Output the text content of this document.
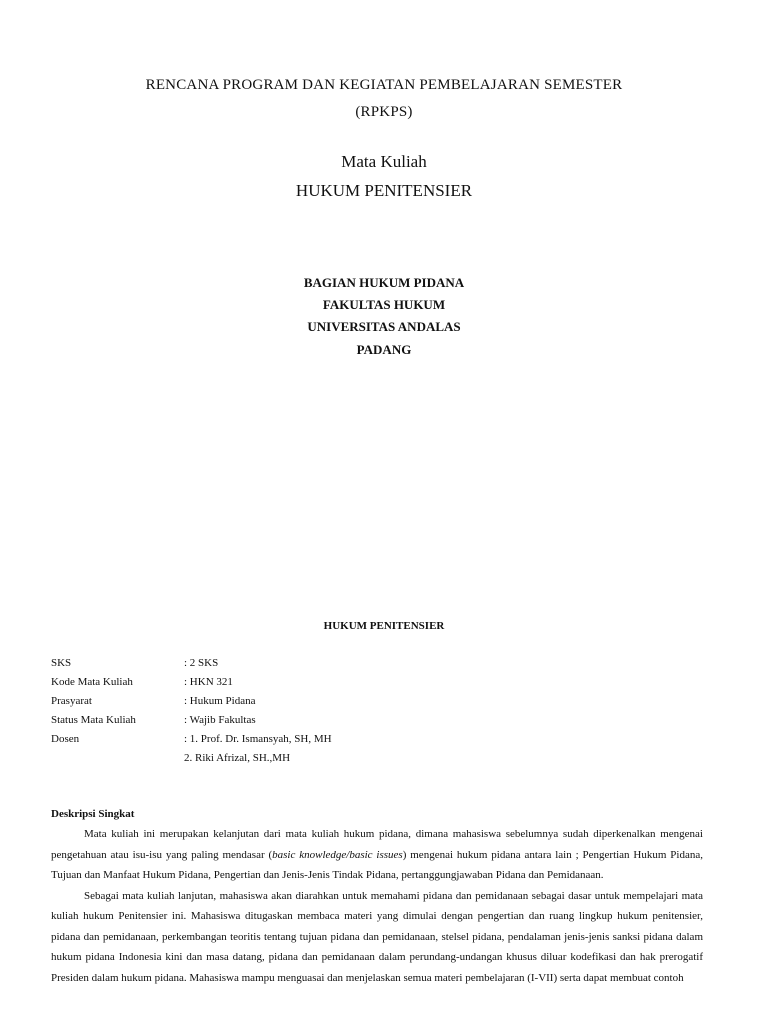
RENCANA PROGRAM DAN KEGIATAN PEMBELAJARAN SEMESTER
(RPKPS)
Mata Kuliah
HUKUM PENITENSIER
BAGIAN HUKUM PIDANA
FAKULTAS HUKUM
UNIVERSITAS ANDALAS
PADANG
HUKUM PENITENSIER
SKS	: 2 SKS
Kode Mata Kuliah	: HKN 321
Prasyarat	: Hukum Pidana
Status Mata Kuliah	: Wajib Fakultas
Dosen	: 1. Prof. Dr. Ismansyah, SH, MH
2. Riki Afrizal, SH.,MH
Deskripsi Singkat

Mata kuliah ini merupakan kelanjutan dari mata kuliah hukum pidana, dimana mahasiswa sebelumnya sudah diperkenalkan mengenai pengetahuan atau isu-isu yang paling mendasar (basic knowledge/basic issues) mengenai hukum pidana antara lain ; Pengertian Hukum Pidana, Tujuan dan Manfaat Hukum Pidana, Pengertian dan Jenis-Jenis Tindak Pidana, pertanggungjawaban Pidana dan Pemidanaan.

Sebagai mata kuliah lanjutan, mahasiswa akan diarahkan untuk memahami pidana dan pemidanaan sebagai dasar untuk mempelajari mata kuliah hukum Penitensier ini. Mahasiswa ditugaskan membaca materi yang dimulai dengan pengertian dan ruang lingkup hukum penitensier, pidana dan pemidanaan, perkembangan teoritis tentang tujuan pidana dan pemidanaan, stelsel pidana, pendalaman jenis-jenis sanksi pidana dalam hukum pidana Indonesia kini dan masa datang, pidana dan pemidanaan dalam perundang-undangan khusus diluar kodefikasi dan hak prerogatif Presiden dalam hukum pidana. Mahasiswa mampu menguasai dan menjelaskan semua materi pembelajaran (I-VII) serta dapat membuat contoh
